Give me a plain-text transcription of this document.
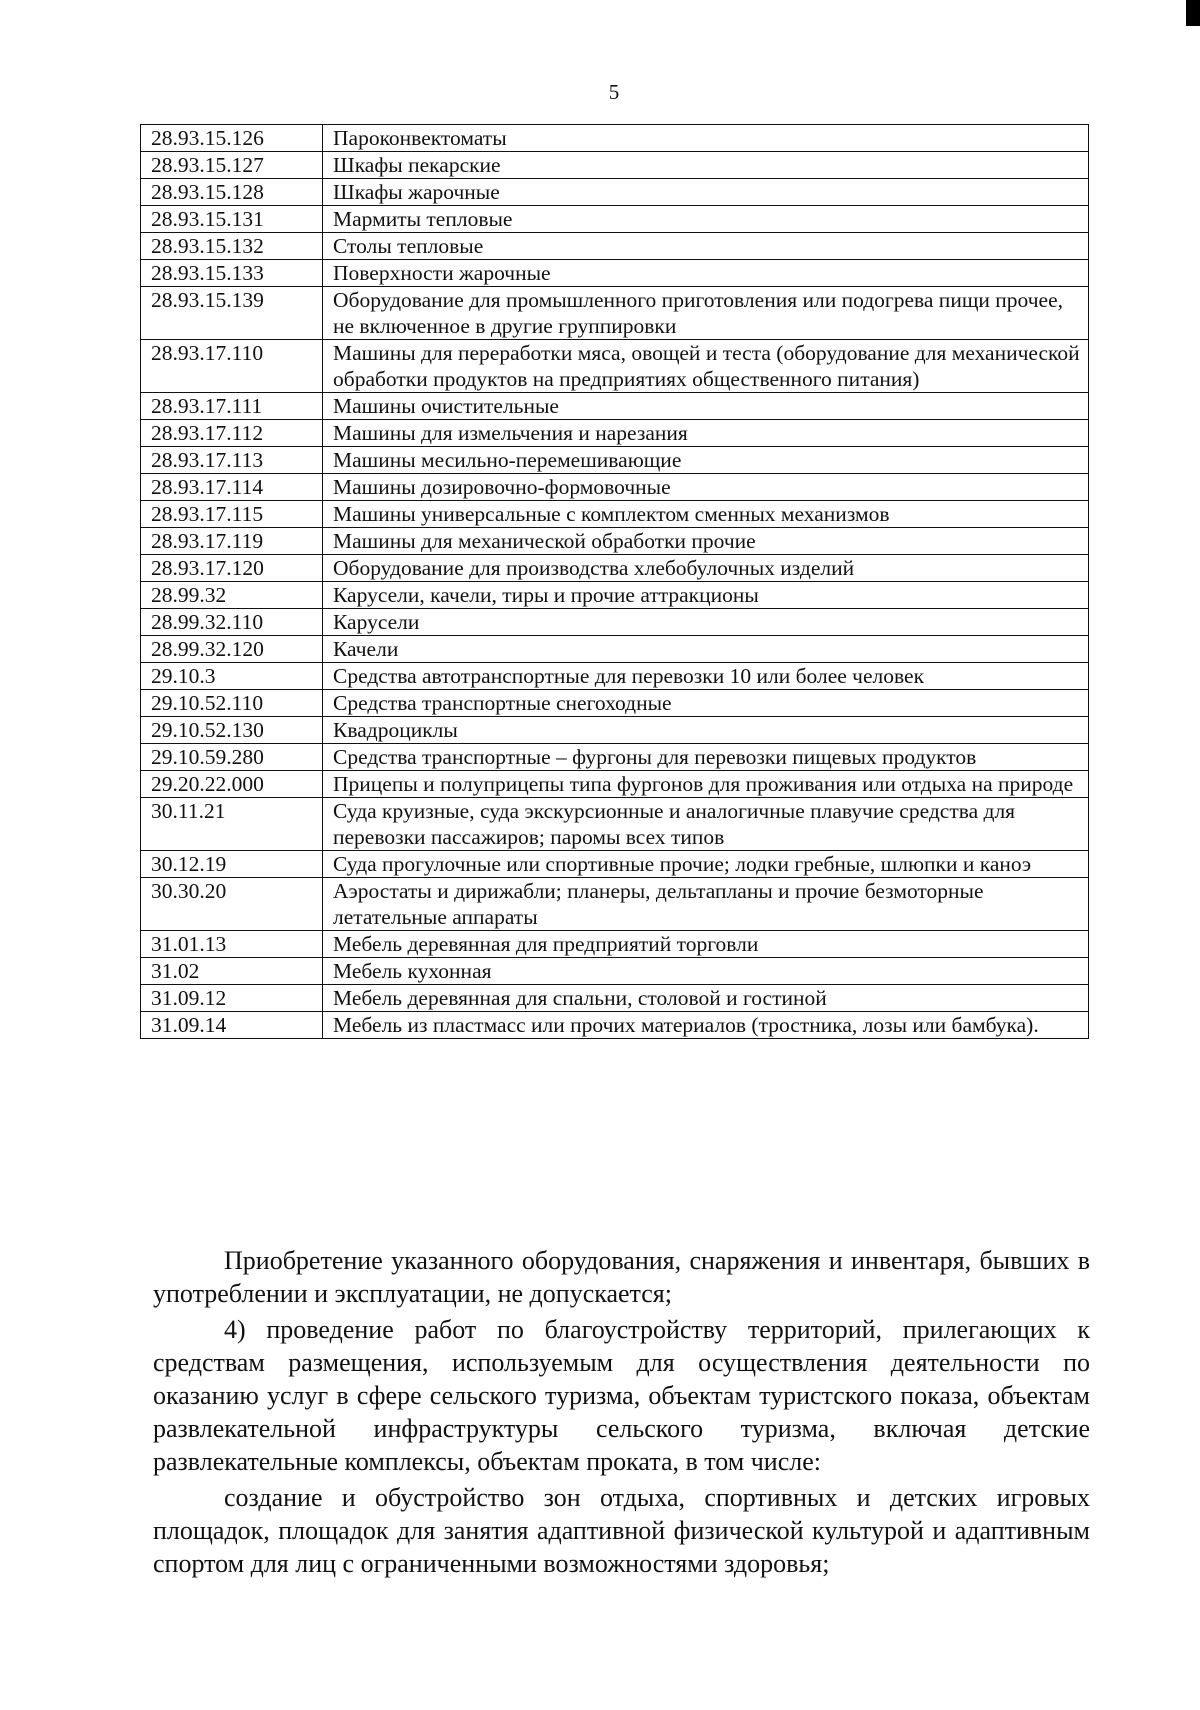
5
28.93.15.126	Пароконвектоматы
28.93.15.127	Шкафы пекарские
28.93.15.128	Шкафы жарочные
28.93.15.131	Мармиты тепловые
28.93.15.132	Столы тепловые
28.93.15.133	Поверхности жарочные
28.93.15.139	Оборудование для промышленного приготовления или подогрева пищи прочее, не включенное в другие группировки
28.93.17.110	Машины для переработки мяса, овощей и теста (оборудование для механической обработки продуктов на предприятиях общественного питания)
28.93.17.111	Машины очистительные
28.93.17.112	Машины для измельчения и нарезания
28.93.17.113	Машины месильно-перемешивающие
28.93.17.114	Машины дозировочно-формовочные
28.93.17.115	Машины универсальные с комплектом сменных механизмов
28.93.17.119	Машины для механической обработки прочие
28.93.17.120	Оборудование для производства хлебобулочных изделий
28.99.32	Карусели, качели, тиры и прочие аттракционы
28.99.32.110	Карусели
28.99.32.120	Качели
29.10.3	Средства автотранспортные для перевозки 10 или более человек
29.10.52.110	Средства транспортные снегоходные
29.10.52.130	Квадроциклы
29.10.59.280	Средства транспортные – фургоны для перевозки пищевых продуктов
29.20.22.000	Прицепы и полуприцепы типа фургонов для проживания или отдыха на природе
30.11.21	Суда круизные, суда экскурсионные и аналогичные плавучие средства для перевозки пассажиров; паромы всех типов
30.12.19	Суда прогулочные или спортивные прочие; лодки гребные, шлюпки и каноэ
30.30.20	Аэростаты и дирижабли; планеры, дельтапланы и прочие безмоторные летательные аппараты
31.01.13	Мебель деревянная для предприятий торговли
31.02	Мебель кухонная
31.09.12	Мебель деревянная для спальни, столовой и гостиной
31.09.14	Мебель из пластмасс или прочих материалов (тростника, лозы или бамбука).

Приобретение указанного оборудования, снаряжения и инвентаря, бывших в употреблении и эксплуатации, не допускается;

4) проведение работ по благоустройству территорий, прилегающих к средствам размещения, используемым для осуществления деятельности по оказанию услуг в сфере сельского туризма, объектам туристского показа, объектам развлекательной инфраструктуры сельского туризма, включая детские развлекательные комплексы, объектам проката, в том числе:

создание и обустройство зон отдыха, спортивных и детских игровых площадок, площадок для занятия адаптивной физической культурой и адаптивным спортом для лиц с ограниченными возможностями здоровья;
